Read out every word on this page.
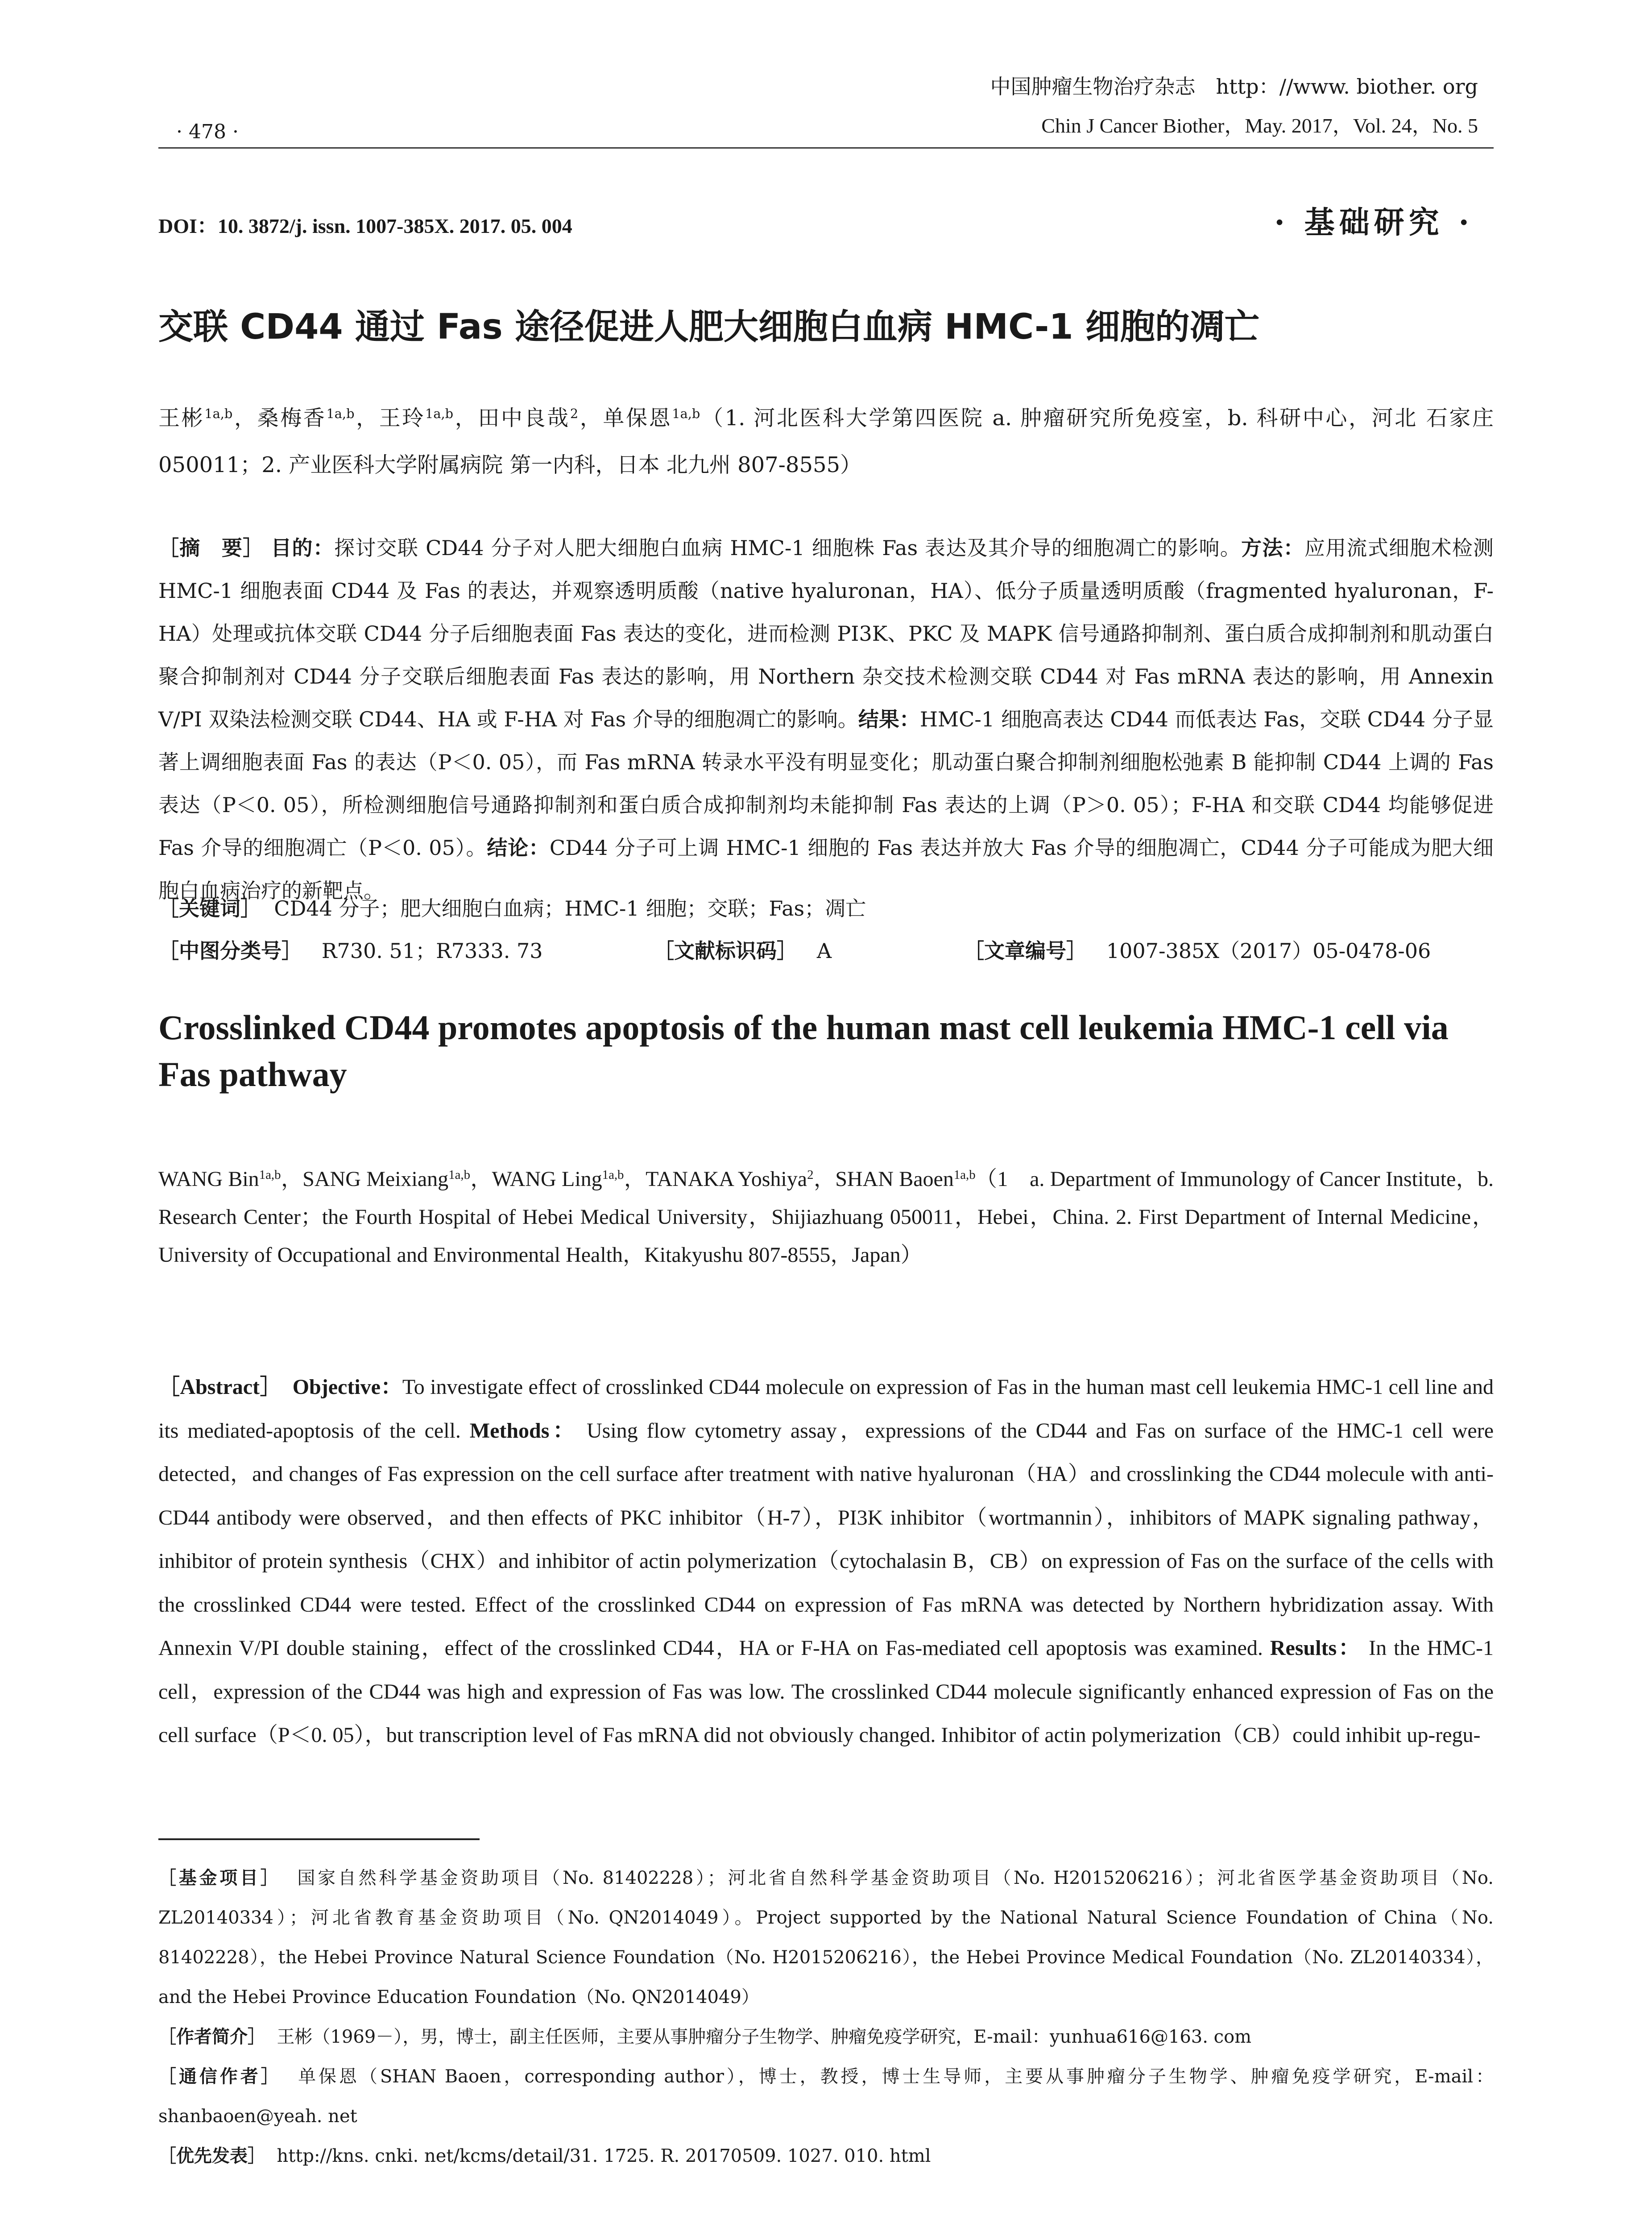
· 478 ·
中国肿瘤生物治疗杂志　http：//www. biother. org
Chin J Cancer Biother，May. 2017，Vol. 24，No. 5
DOI：10. 3872/j. issn. 1007-385X. 2017. 05. 004	· 基础研究 ·
交联 CD44 通过 Fas 途径促进人肥大细胞白血病 HMC-1 细胞的凋亡
王彬$^{1a,b}$，桑梅香$^{1a,b}$，王玲$^{1a,b}$，田中良哉$^2$，单保恩$^{1a,b}$（1. 河北医科大学第四医院 a. 肿瘤研究所免疫室，b. 科研中心，河北 石家庄 050011；2. 产业医科大学附属病院 第一内科，日本 北九州 807-8555）
［摘　要］ 目的：探讨交联 CD44 分子对人肥大细胞白血病 HMC-1 细胞株 Fas 表达及其介导的细胞凋亡的影响。方法：应用流式细胞术检测 HMC-1 细胞表面 CD44 及 Fas 的表达，并观察透明质酸（native hyaluronan，HA）、低分子质量透明质酸（fragmented hyaluronan，F-HA）处理或抗体交联 CD44 分子后细胞表面 Fas 表达的变化，进而检测 PI3K、PKC 及 MAPK 信号通路抑制剂、蛋白质合成抑制剂和肌动蛋白聚合抑制剂对 CD44 分子交联后细胞表面 Fas 表达的影响，用 Northern 杂交技术检测交联 CD44 对 Fas mRNA 表达的影响，用 Annexin V/PI 双染法检测交联 CD44、HA 或 F-HA 对 Fas 介导的细胞凋亡的影响。结果：HMC-1 细胞高表达 CD44 而低表达 Fas，交联 CD44 分子显著上调细胞表面 Fas 的表达（P＜0. 05），而 Fas mRNA 转录水平没有明显变化；肌动蛋白聚合抑制剂细胞松弛素 B 能抑制 CD44 上调的 Fas 表达（P＜0. 05），所检测细胞信号通路抑制剂和蛋白质合成抑制剂均未能抑制 Fas 表达的上调（P＞0. 05）；F-HA 和交联 CD44 均能够促进 Fas 介导的细胞凋亡（P＜0. 05）。结论：CD44 分子可上调 HMC-1 细胞的 Fas 表达并放大 Fas 介导的细胞凋亡，CD44 分子可能成为肥大细胞白血病治疗的新靶点。
［关键词］ CD44 分子；肥大细胞白血病；HMC-1 细胞；交联；Fas；凋亡
［中图分类号］ R730. 51；R7333. 73	［文献标识码］ A	［文章编号］ 1007-385X（2017）05-0478-06
Crosslinked CD44 promotes apoptosis of the human mast cell leukemia HMC-1 cell via Fas pathway
WANG Bin$^{1a,b}$，SANG Meixiang$^{1a,b}$，WANG Ling$^{1a,b}$，TANAKA Yoshiya$^2$，SHAN Baoen$^{1a,b}$（1　a. Department of Immunology of Cancer Institute，b. Research Center；the Fourth Hospital of Hebei Medical University，Shijiazhuang 050011，Hebei，China. 2. First Department of Internal Medicine，University of Occupational and Environmental Health，Kitakyushu 807-8555，Japan）
［Abstract］ Objective：To investigate effect of crosslinked CD44 molecule on expression of Fas in the human mast cell leukemia HMC-1 cell line and its mediated-apoptosis of the cell. Methods： Using flow cytometry assay，expressions of the CD44 and Fas on surface of the HMC-1 cell were detected，and changes of Fas expression on the cell surface after treatment with native hyaluronan（HA）and crosslinking the CD44 molecule with anti-CD44 antibody were observed，and then effects of PKC inhibitor（H-7），PI3K inhibitor（wortmannin），inhibitors of MAPK signaling pathway，inhibitor of protein synthesis（CHX）and inhibitor of actin polymerization（cytochalasin B，CB）on expression of Fas on the surface of the cells with the crosslinked CD44 were tested. Effect of the crosslinked CD44 on expression of Fas mRNA was detected by Northern hybridization assay. With Annexin V/PI double staining，effect of the crosslinked CD44，HA or F-HA on Fas-mediated cell apoptosis was examined. Results： In the HMC-1 cell，expression of the CD44 was high and expression of Fas was low. The crosslinked CD44 molecule significantly enhanced expression of Fas on the cell surface（P＜0. 05），but transcription level of Fas mRNA did not obviously changed. Inhibitor of actin polymerization（CB）could inhibit up-regu-

［基金项目］ 国家自然科学基金资助项目（No. 81402228）；河北省自然科学基金资助项目（No. H2015206216）；河北省医学基金资助项目（No. ZL20140334）；河北省教育基金资助项目（No. QN2014049）。Project supported by the National Natural Science Foundation of China（No. 81402228），the Hebei Province Natural Science Foundation（No. H2015206216），the Hebei Province Medical Foundation（No. ZL20140334），and the Hebei Province Education Foundation（No. QN2014049）

［作者简介］ 王彬（1969－），男，博士，副主任医师，主要从事肿瘤分子生物学、肿瘤免疫学研究，E-mail：yunhua616@163. com

［通信作者］ 单保恩（SHAN Baoen，corresponding author），博士，教授，博士生导师，主要从事肿瘤分子生物学、肿瘤免疫学研究，E-mail：shanbaoen@yeah. net

［优先发表］ http://kns. cnki. net/kcms/detail/31. 1725. R. 20170509. 1027. 010. html
